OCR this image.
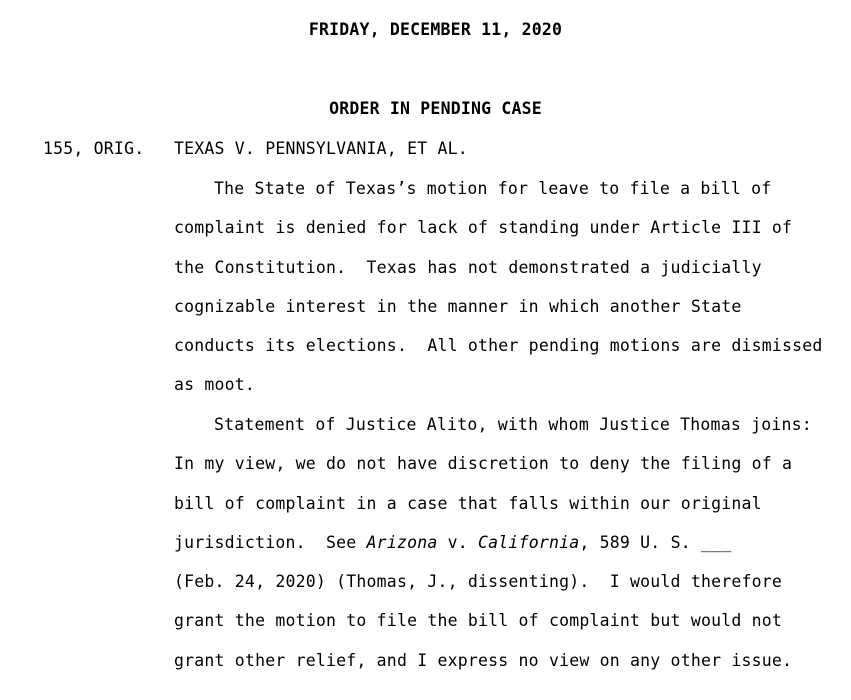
FRIDAY, DECEMBER 11, 2020
ORDER IN PENDING CASE
155, ORIG. TEXAS V. PENNSYLVANIA, ET AL.
The State of Texas’s motion for leave to file a bill of
complaint is denied for lack of standing under Article III of
the Constitution.  Texas has not demonstrated a judicially
cognizable interest in the manner in which another State
conducts its elections.  All other pending motions are dismissed
as moot.
Statement of Justice Alito, with whom Justice Thomas joins:
In my view, we do not have discretion to deny the filing of a
bill of complaint in a case that falls within our original
jurisdiction.  See Arizona v. California, 589 U. S. ___
(Feb. 24, 2020) (Thomas, J., dissenting).  I would therefore
grant the motion to file the bill of complaint but would not
grant other relief, and I express no view on any other issue.
